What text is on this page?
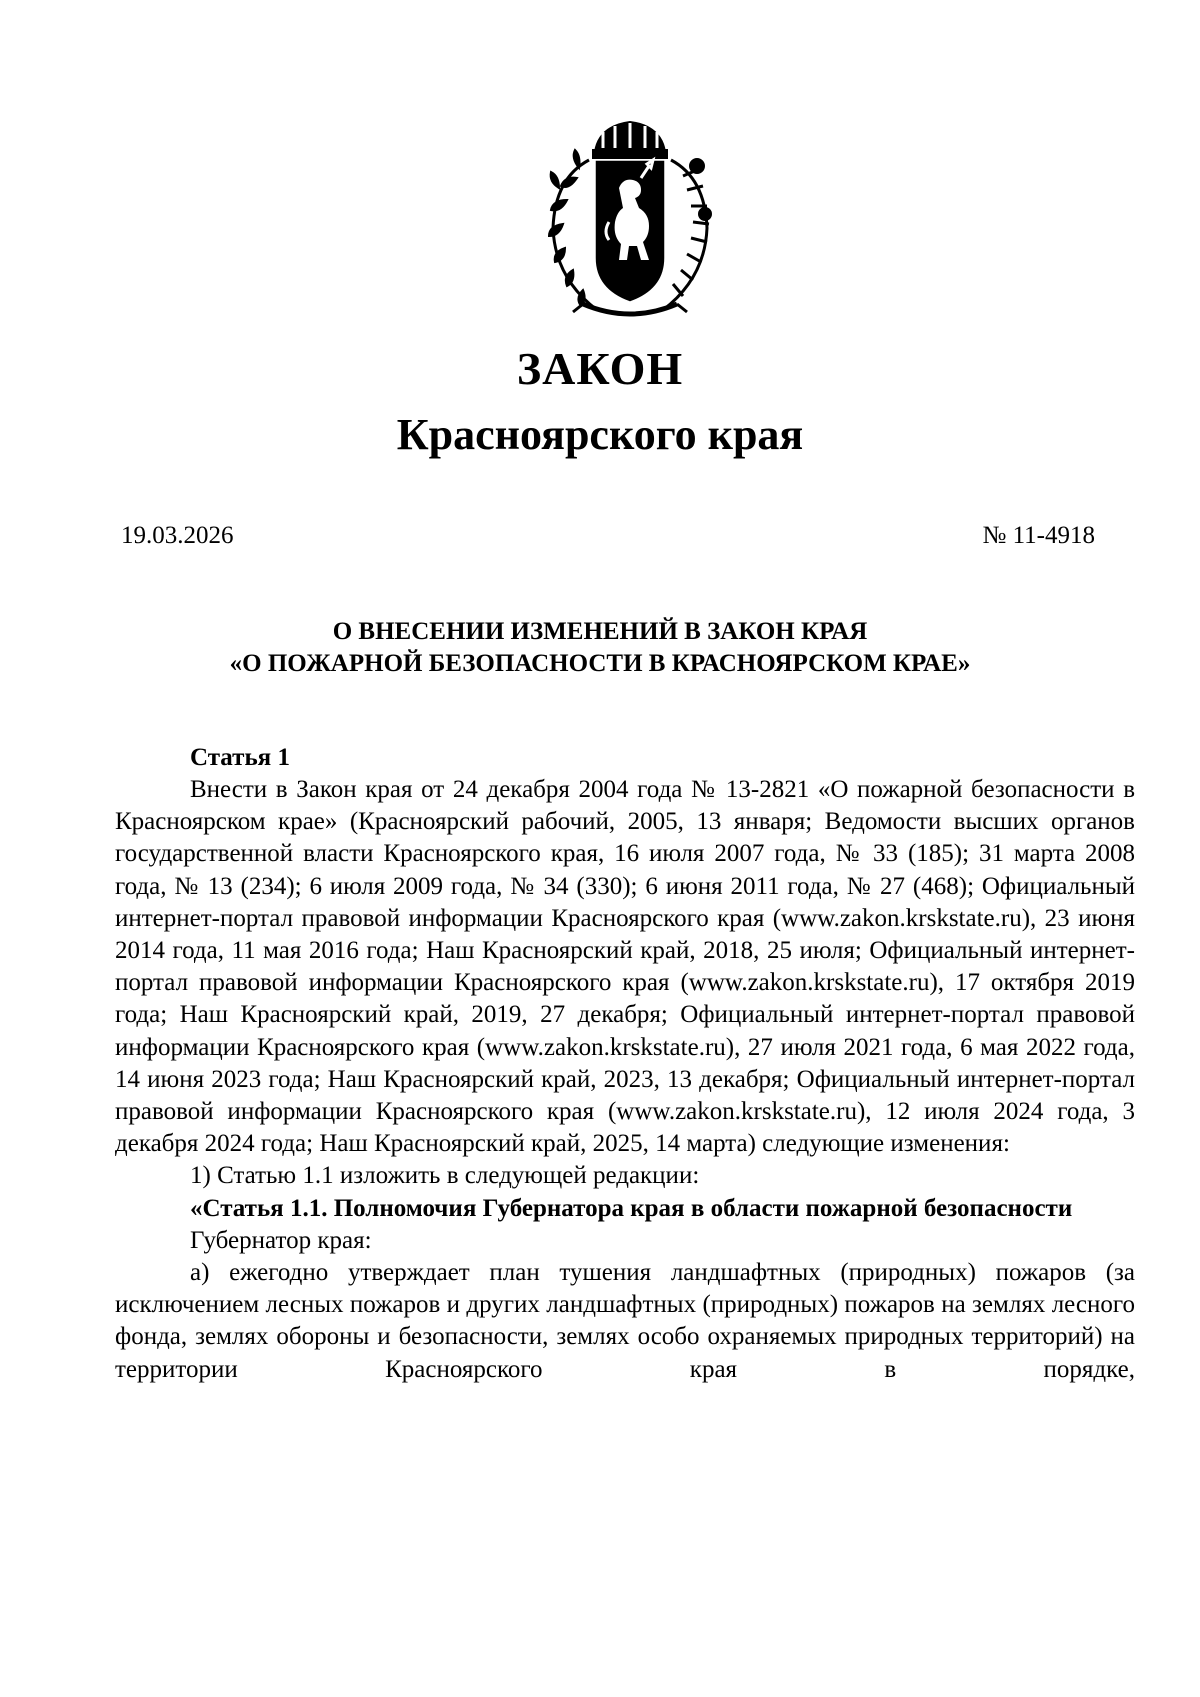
ЗАКОН
Красноярского края
19.03.2026	№ 11-4918
О ВНЕСЕНИИ ИЗМЕНЕНИЙ В ЗАКОН КРАЯ
«О ПОЖАРНОЙ БЕЗОПАСНОСТИ В КРАСНОЯРСКОМ КРАЕ»

Статья 1

Внести в Закон края от 24 декабря 2004 года № 13-2821 «О пожарной безопасности в Красноярском крае» (Красноярский рабочий, 2005, 13 января; Ведомости высших органов государственной власти Красноярского края, 16 июля 2007 года, № 33 (185); 31 марта 2008 года, № 13 (234); 6 июля 2009 года, № 34 (330); 6 июня 2011 года, № 27 (468); Официальный интернет-портал правовой информации Красноярского края (www.zakon.krskstate.ru), 23 июня 2014 года, 11 мая 2016 года; Наш Красноярский край, 2018, 25 июля; Официальный интернет-портал правовой информации Красноярского края (www.zakon.krskstate.ru), 17 октября 2019 года; Наш Красноярский край, 2019, 27 декабря; Официальный интернет-портал правовой информации Красноярского края (www.zakon.krskstate.ru), 27 июля 2021 года, 6 мая 2022 года, 14 июня 2023 года; Наш Красноярский край, 2023, 13 декабря; Официальный интернет-портал правовой информации Красноярского края (www.zakon.krskstate.ru), 12 июля 2024 года, 3 декабря 2024 года; Наш Красноярский край, 2025, 14 марта) следующие изменения:

1) Статью 1.1 изложить в следующей редакции:

«Статья 1.1. Полномочия Губернатора края в области пожарной безопасности

Губернатор края:

а) ежегодно утверждает план тушения ландшафтных (природных) пожаров (за исключением лесных пожаров и других ландшафтных (природных) пожаров на землях лесного фонда, землях обороны и безопасности, землях особо охраняемых природных территорий) на территории Красноярского края в порядке,
